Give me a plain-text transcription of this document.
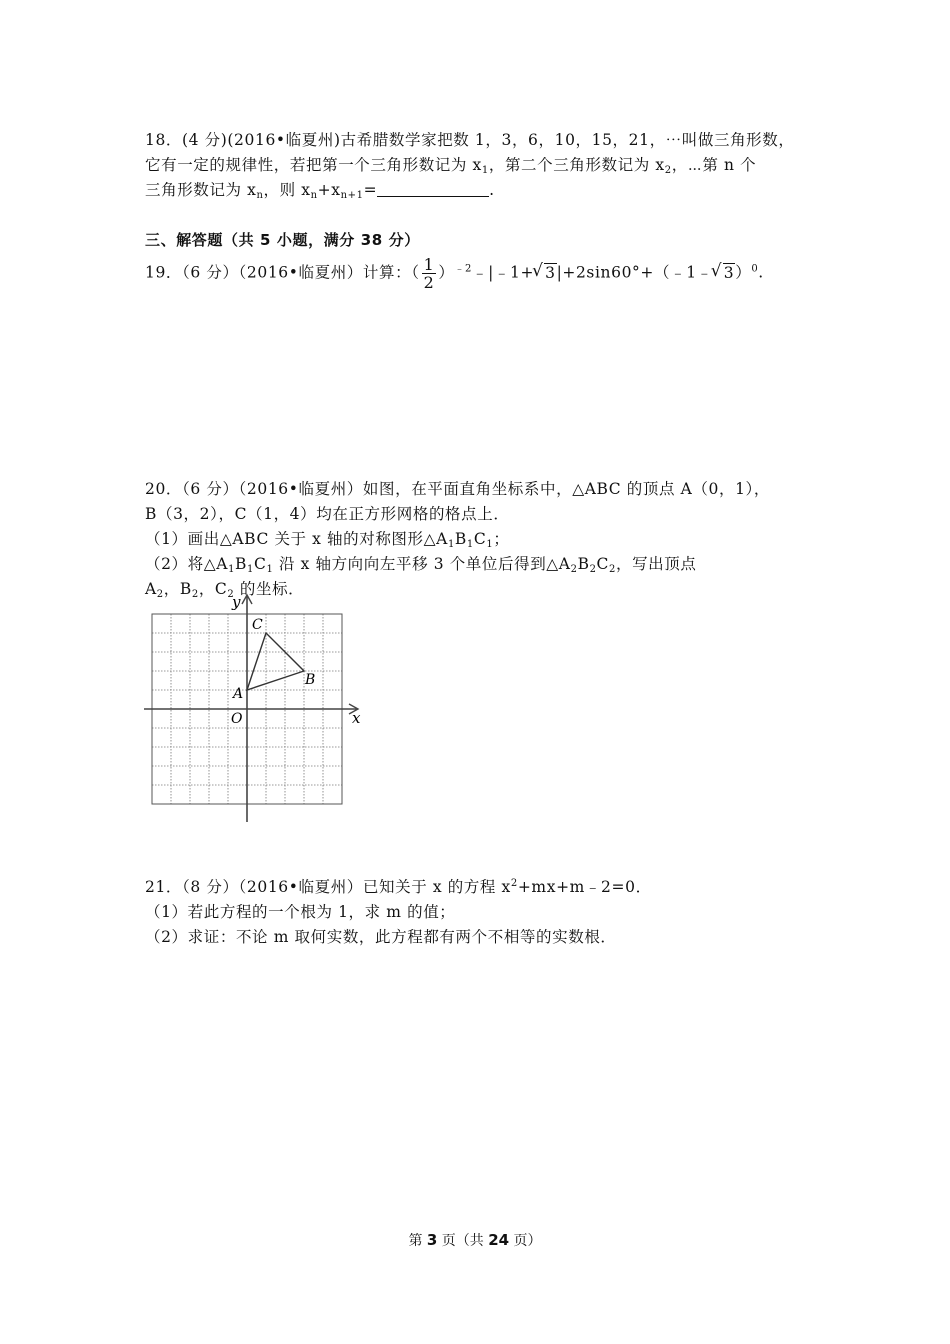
18．(4 分)(2016•临夏州)古希腊数学家把数 1，3，6，10，15，21，⋯叫做三角形数，
它有一定的规律性，若把第一个三角形数记为 $x_1$，第二个三角形数记为 $x_2$，⋯第 n 个
三角形数记为 $x_n$，则 $x_n+x_{n+1}=$	.
三、解答题（共 5 小题，满分 38 分）
19．（6 分）（2016•临夏州）计算：（ $\frac{1}{2}$ ）$^{﹣2}$﹣|﹣1+ √ 3|+2sin60°+（﹣1﹣ √ 3）$^0$.
20．（6 分）（2016•临夏州）如图，在平面直角坐标系中，△ABC 的顶点 A（0，1），
B（3，2），C（1，4）均在正方形网格的格点上．
（1）画出△ABC 关于 x 轴的对称图形$\triangle A_1B_1C_1$；
（2）将$\triangle A_1B_1C_1$ 沿 x 轴方向向左平移 3 个单位后得到$\triangle A_2B_2C_2$，写出顶点
$A_2$，$B_2$，$C_2$ 的坐标．
x
y
O
A
B
C
21．（8 分）（2016•临夏州）已知关于 x 的方程 $x^2+mx+m﹣2=0$．
（1）若此方程的一个根为 1，求 m 的值；
（2）求证：不论 m 取何实数，此方程都有两个不相等的实数根．
第 3 页（共 24 页）
